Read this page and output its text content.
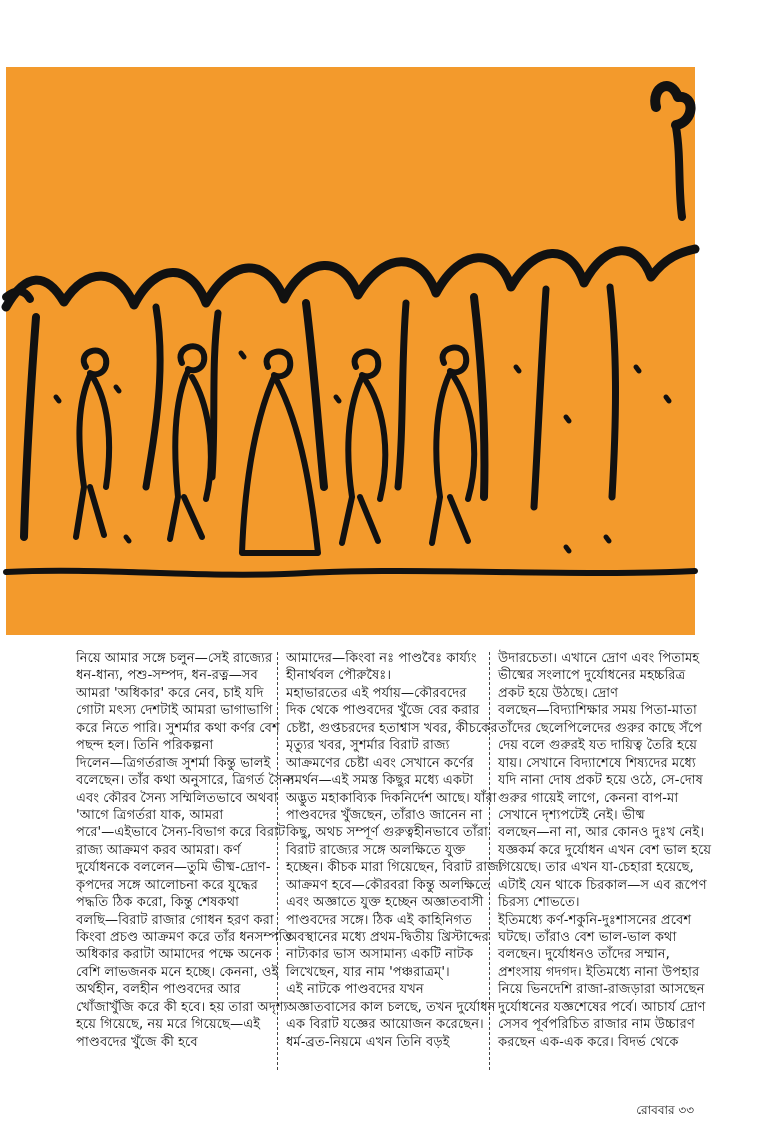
নিয়ে আমার সঙ্গে চলুন—সেই রাজ্যের
ধন-ধান্য, পশু-সম্পদ, ধন-রত্ন—সব
আমরা 'অধিকার' করে নেব, চাই যদি
গোটা মৎস্য দেশটাই আমরা ভাগাভাগি
করে নিতে পারি। সুশর্মার কথা কর্ণর বেশ
পছন্দ হল। তিনি পরিকল্পনা
দিলেন—ত্রিগর্তরাজ সুশর্মা কিন্তু ভালই
বলেছেন। তাঁর কথা অনুসারে, ত্রিগর্ত সৈন্য
এবং কৌরব সৈন্য সম্মিলিতভাবে অথবা
'আগে ত্রিগর্তরা যাক, আমরা
পরে'—এইভাবে সৈন্য-বিভাগ করে বিরাট
রাজ্য আক্রমণ করব আমরা। কর্ণ
দুর্যোধনকে বললেন—তুমি ভীষ্ম-দ্রোণ-
কৃপদের সঙ্গে আলোচনা করে যুদ্ধের
পদ্ধতি ঠিক করো, কিন্তু শেষকথা
বলছি—বিরাট রাজার গোধন হরণ করা
কিংবা প্রচণ্ড আক্রমণ করে তাঁর ধনসম্পত্তি
অধিকার করাটা আমাদের পক্ষে অনেক
বেশি লাভজনক মনে হচ্ছে। কেননা, ওই
অর্থহীন, বলহীন পাণ্ডবদের আর
খোঁজাখুঁজি করে কী হবে। হয় তারা অদৃশ্য
হয়ে গিয়েছে, নয় মরে গিয়েছে—এই
পাণ্ডবদের খুঁজে কী হবে
আমাদের—কিংবা নঃ পাণ্ডবৈঃ কার্য্যং
হীনার্থবল পৌরুষৈঃ।
মহাভারতের এই পর্যায়—কৌরবদের
দিক থেকে পাণ্ডবদের খুঁজে বের করার
চেষ্টা, গুপ্তচরদের হতাশ্বাস খবর, কীচকের
মৃত্যুর খবর, সুশর্মার বিরাট রাজ্য
আক্রমণের চেষ্টা এবং সেখানে কর্ণের
সমর্থন—এই সমস্ত কিছুর মধ্যে একটা
অদ্ভুত মহাকাব্যিক দিকনির্দেশ আছে। যাঁরা
পাণ্ডবদের খুঁজছেন, তাঁরাও জানেন না
কিছু, অথচ সম্পূর্ণ গুরুত্বহীনভাবে তাঁরা
বিরাট রাজ্যের সঙ্গে অলক্ষিতে যুক্ত
হচ্ছেন। কীচক মারা গিয়েছেন, বিরাট রাজ্য
আক্রমণ হবে—কৌরবরা কিন্তু অলক্ষিতে
এবং অজ্ঞাতে যুক্ত হচ্ছেন অজ্ঞাতবাসী
পাণ্ডবদের সঙ্গে। ঠিক এই কাহিনিগত
অবস্থানের মধ্যে প্রথম-দ্বিতীয় খ্রিস্টাব্দের
নাট্যকার ভাস অসামান্য একটি নাটক
লিখেছেন, যার নাম 'পঞ্চরাত্রম্'।
এই নাটকে পাণ্ডবদের যখন
অজ্ঞাতবাসের কাল চলছে, তখন দুর্যোধন
এক বিরাট যজ্ঞের আয়োজন করেছেন।
ধর্ম-ব্রত-নিয়মে এখন তিনি বড়ই
উদারচেতা। এখানে দ্রোণ এবং পিতামহ
ভীষ্মের সংলাপে দুর্যোধনের মহচ্চরিত্র
প্রকট হয়ে উঠছে। দ্রোণ
বলছেন—বিদ্যাশিক্ষার সময় পিতা-মাতা
তাঁদের ছেলেপিলেদের গুরুর কাছে সঁপে
দেয় বলে গুরুরই যত দায়িত্ব তৈরি হয়ে
যায়। সেখানে বিদ্যাশেষে শিষ্যদের মধ্যে
যদি নানা দোষ প্রকট হয়ে ওঠে, সে-দোষ
গুরুর গায়েই লাগে, কেননা বাপ-মা
সেখানে দৃশ্যপটেই নেই। ভীষ্ম
বলছেন—না না, আর কোনও দুঃখ নেই।
যজ্ঞকর্ম করে দুর্যোধন এখন বেশ ভাল হয়ে
গিয়েছে। তার এখন যা-চেহারা হয়েছে,
এটাই যেন থাকে চিরকাল—স এব রূপেণ
চিরস্য শোভতে।
ইতিমধ্যে কর্ণ-শকুনি-দুঃশাসনের প্রবেশ
ঘটছে। তাঁরাও বেশ ভাল-ভাল কথা
বলছেন। দুর্যোধনও তাঁদের সম্মান,
প্রশংসায় গদগদ। ইতিমধ্যে নানা উপহার
নিয়ে ভিনদেশি রাজা-রাজড়ারা আসছেন
দুর্যোধনের যজ্ঞশেষের পর্বে। আচার্য দ্রোণ
সেসব পূর্বপরিচিত রাজার নাম উচ্চারণ
করছেন এক-এক করে। বিদর্ভ থেকে
রোববার ৩৩
